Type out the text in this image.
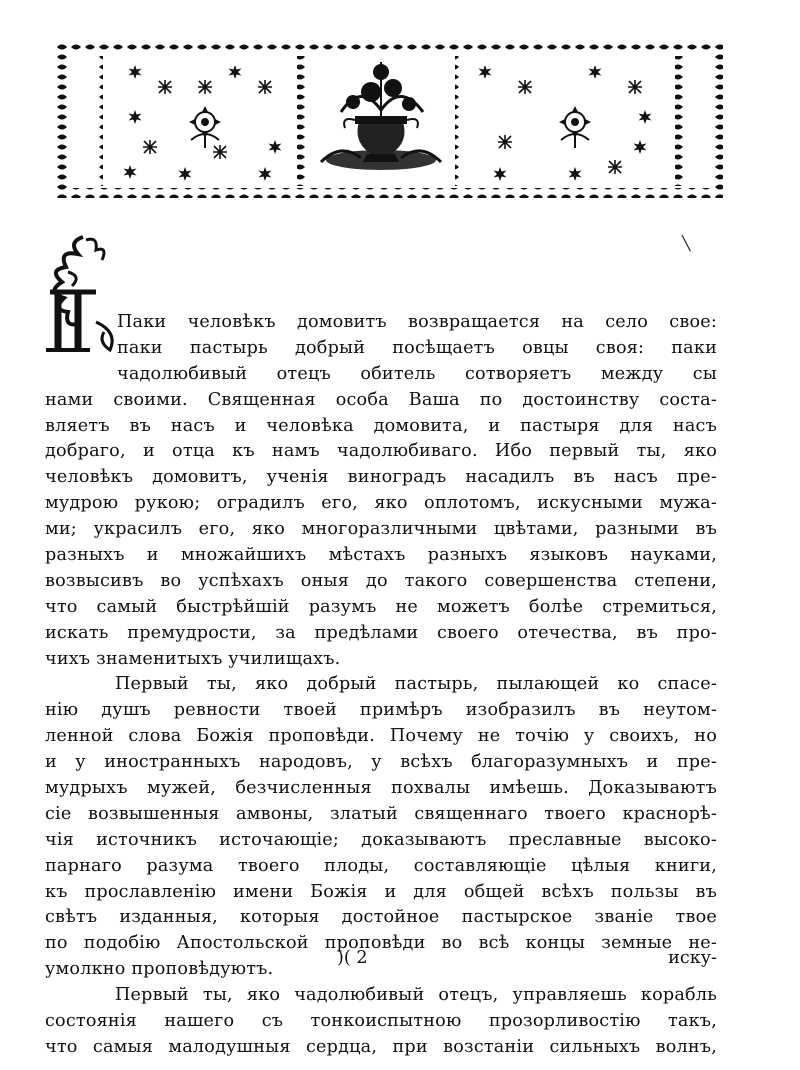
╲
Паки человѣкъ домовитъ возвращается на село свое:
паки пастырь добрый посѣщаетъ овцы своя: паки
чадолюбивый отецъ обитель сотворяетъ между сы
нами своими. Священная особа Ваша по достоинству соста-
вляетъ въ насъ и человѣка домовита, и пастыря для насъ
добраго, и отца къ намъ чадолюбиваго. Ибо первый ты, яко
человѣкъ домовитъ, ученія виноградъ насадилъ въ насъ пре-
мудрою рукою; оградилъ его, яко оплотомъ, искусными мужа-
ми; украсилъ его, яко многоразличными цвѣтами, разными въ
разныхъ и множайшихъ мѣстахъ разныхъ языковъ науками,
возвысивъ во успѣхахъ оныя до такого совершенства степени,
что самый быстрѣйшій разумъ не можетъ болѣе стремиться,
искать премудрости, за предѣлами своего отечества, въ про-
чихъ знаменитыхъ училищахъ.
Первый ты, яко добрый пастырь, пылающей ко спасе-
нію душъ ревности твоей примѣръ изобразилъ въ неутом-
ленной слова Божія проповѣди. Почему не точію у своихъ, но
и у иностранныхъ народовъ, у всѣхъ благоразумныхъ и пре-
мудрыхъ мужей, безчисленныя похвалы имѣешь. Доказываютъ
сіе возвышенныя амвоны, златый священнаго твоего краснорѣ-
чія источникъ источающіе; доказываютъ преславные высоко-
парнаго разума твоего плоды, составляющіе цѣлыя книги,
къ прославленію имени Божія и для общей всѣхъ пользы въ
свѣтъ изданныя, которыя достойное пастырское званіе твое
по подобію Апостольской проповѣди во всѣ концы земные не-
умолкно проповѣдуютъ.
Первый ты, яко чадолюбивый отецъ, управляешь корабль
состоянія нашего съ тонкоиспытною прозорливостію такъ,
что самыя малодушныя сердца, при возстаніи сильныхъ волнъ,
)( 2	иску-
